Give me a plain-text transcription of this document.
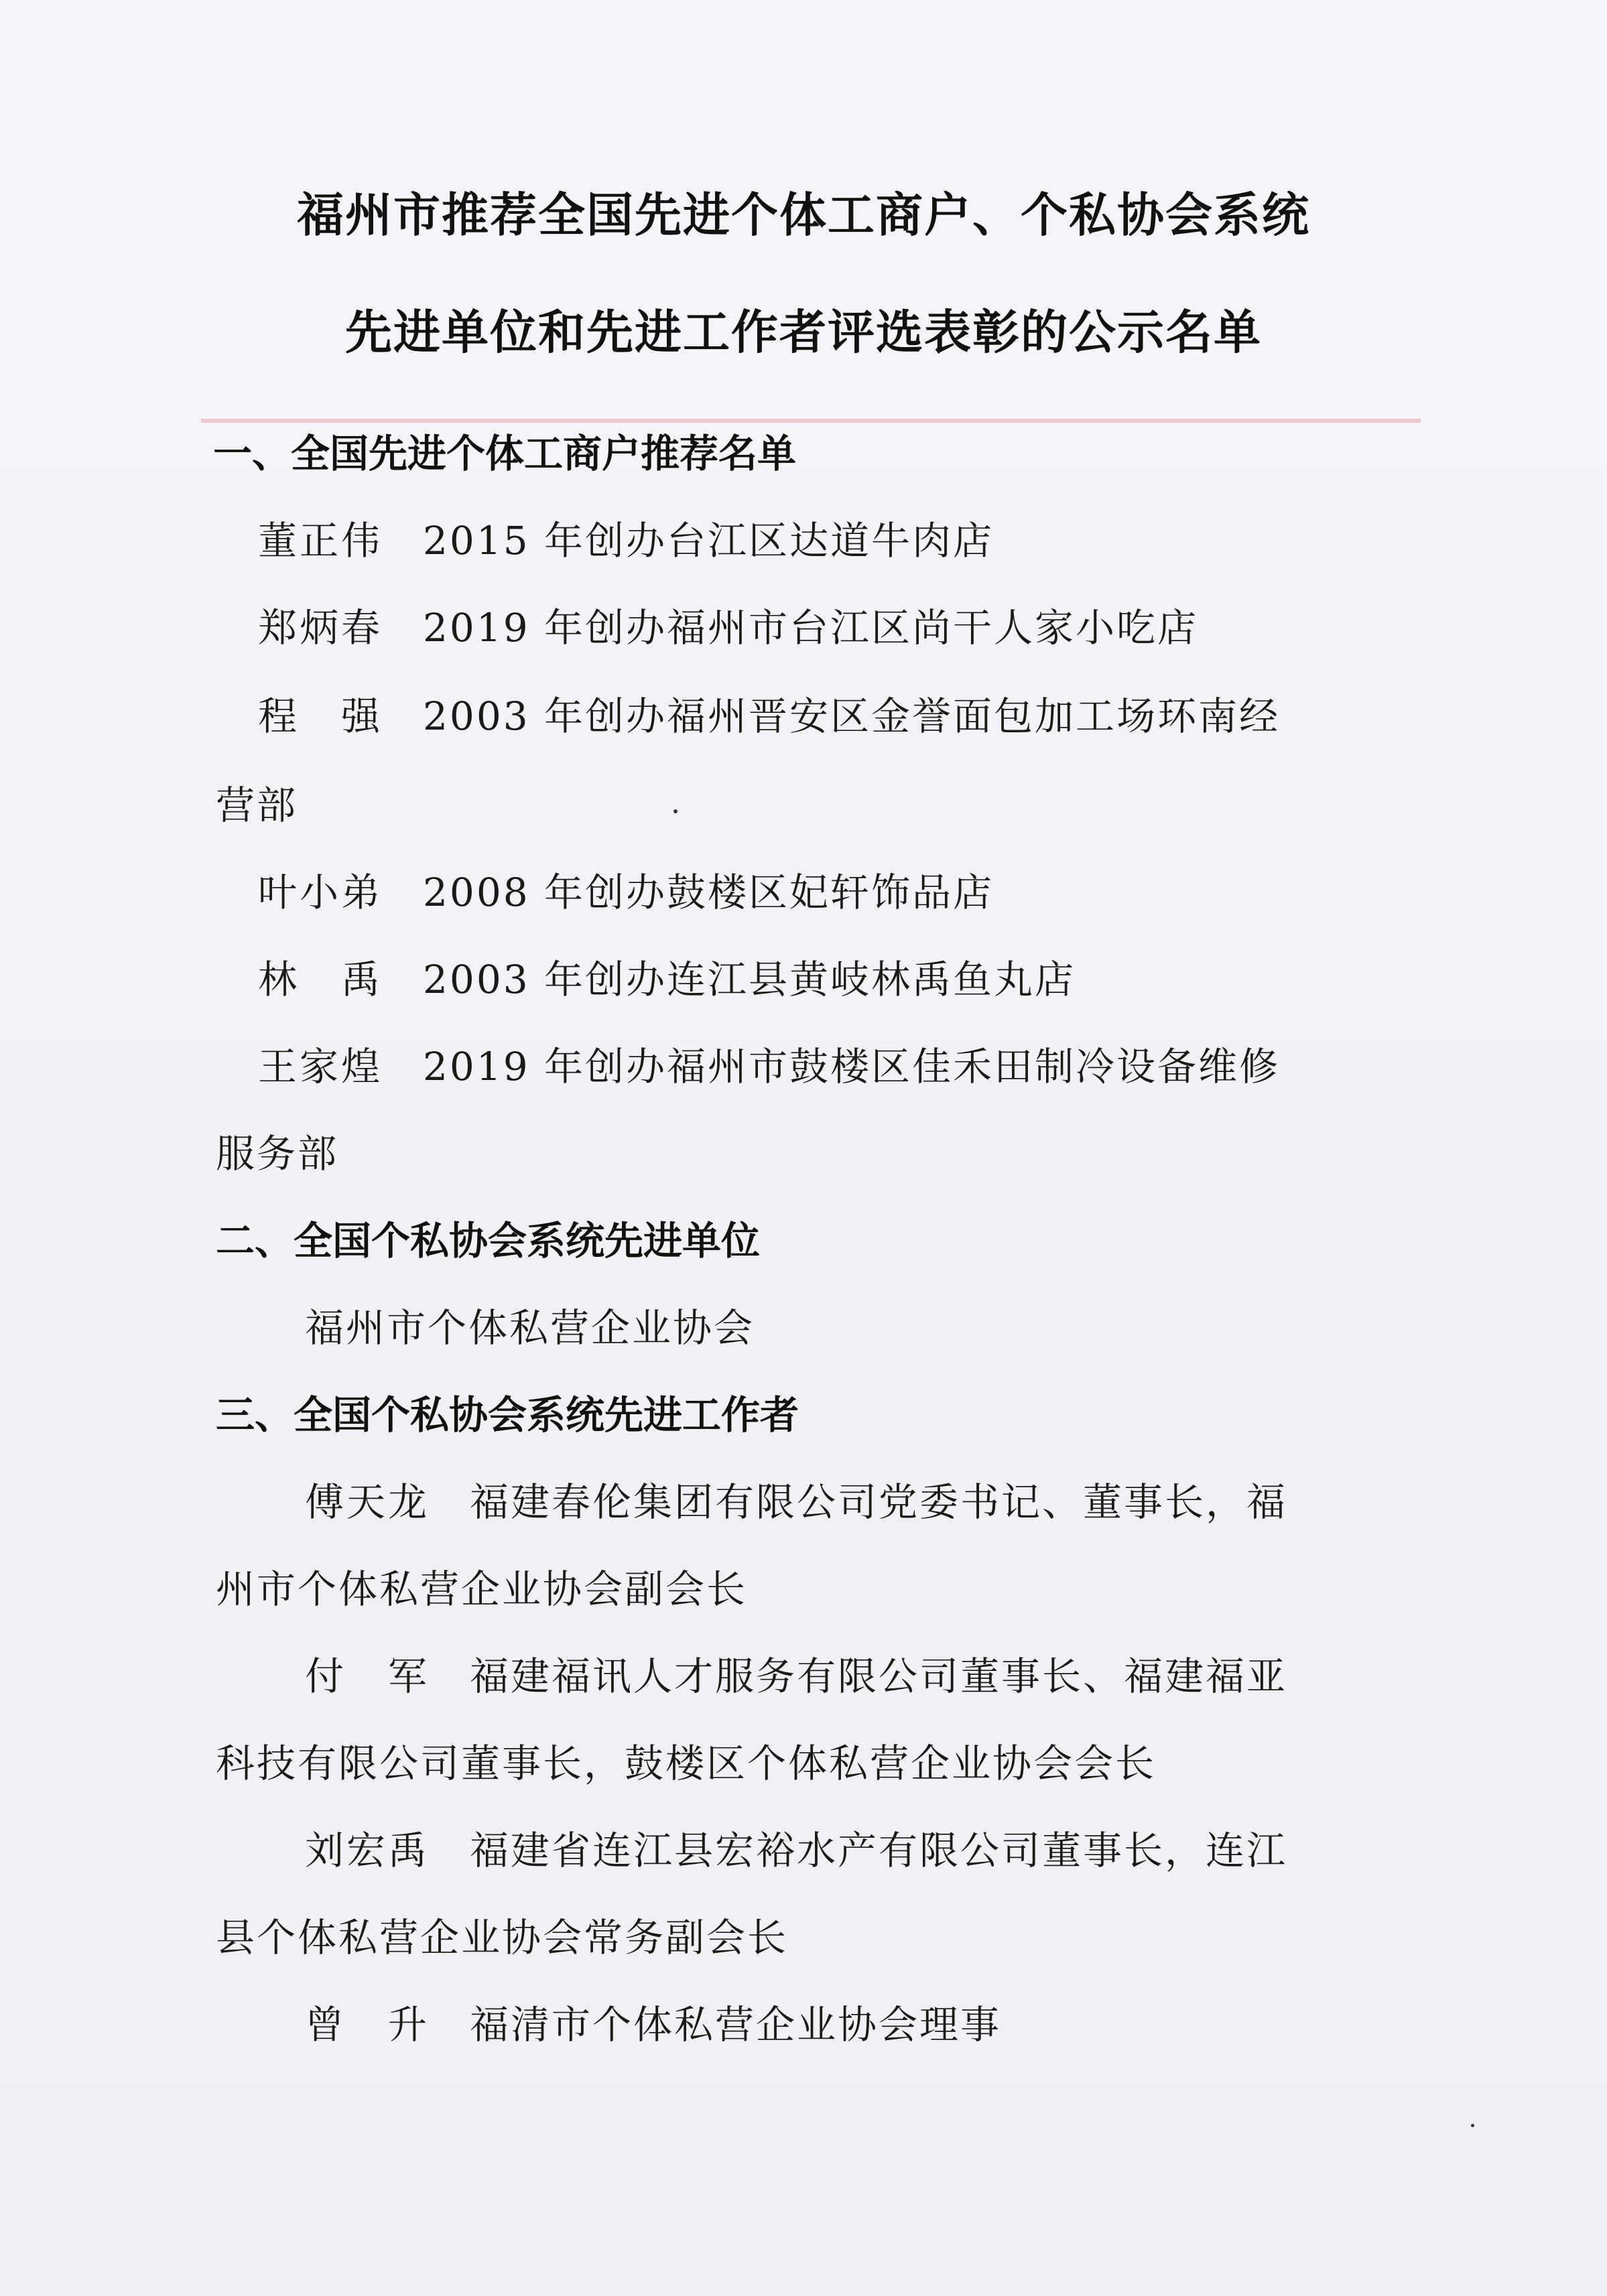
福州市推荐全国先进个体工商户、个私协会系统
先进单位和先进工作者评选表彰的公示名单
一、全国先进个体工商户推荐名单
董正伟 2015 年创办台江区达道牛肉店
郑炳春 2019 年创办福州市台江区尚干人家小吃店
程　强 2003 年创办福州晋安区金誉面包加工场环南经
营部
叶小弟 2008 年创办鼓楼区妃轩饰品店
林　禹 2003 年创办连江县黄岐林禹鱼丸店
王家煌 2019 年创办福州市鼓楼区佳禾田制冷设备维修
服务部
二、全国个私协会系统先进单位
福州市个体私营企业协会
三、全国个私协会系统先进工作者
傅天龙 福建春伦集团有限公司党委书记、董事长，福
州市个体私营企业协会副会长
付　军 福建福讯人才服务有限公司董事长、福建福亚
科技有限公司董事长，鼓楼区个体私营企业协会会长
刘宏禹 福建省连江县宏裕水产有限公司董事长，连江
县个体私营企业协会常务副会长
曾　升 福清市个体私营企业协会理事
